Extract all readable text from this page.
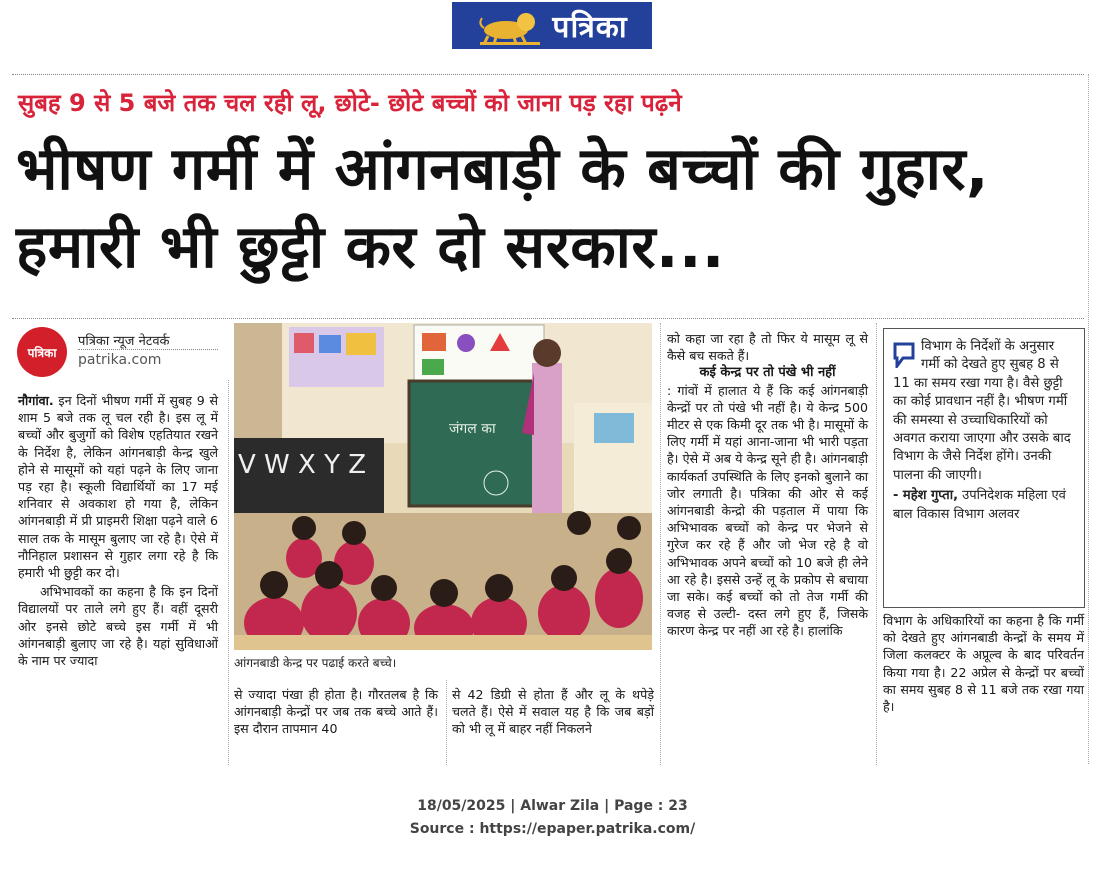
पत्रिका
सुबह 9 से 5 बजे तक चल रही लू, छोटे- छोटे बच्चों को जाना पड़ रहा पढ़ने
भीषण गर्मी में आंगनबाड़ी के बच्चों की गुहार, हमारी भी छुट्टी कर दो सरकार...
पत्रिका
पत्रिका न्यूज नेटवर्क
patrika.com

नौगांवा. इन दिनों भीषण गर्मी में सुबह 9 से शाम 5 बजे तक लू चल रही है। इस लू में बच्चों और बुजुर्गो को विशेष एहतियात रखने के निर्देश है, लेकिन आंगनबाड़ी केन्द्र खुले होने से मासूमों को यहां पढ़ने के लिए जाना पड़ रहा है। स्कूली विद्यार्थियों का 17 मई शनिवार से अवकाश हो गया है, लेकिन आंगनबाड़ी में प्री प्राइमरी शिक्षा पढ़ने वाले 6 साल तक के मासूम बुलाए जा रहे है। ऐसे में नौनिहाल प्रशासन से गुहार लगा रहे है कि हमारी भी छुट्टी कर दो।

अभिभावकों का कहना है कि इन दिनों विद्यालयों पर ताले लगे हुए हैं। वहीं दूसरी ओर इनसे छोटे बच्चे इस गर्मी में भी आंगनबाड़ी बुलाए जा रहे है। यहां सुविधाओं के नाम पर ज्यादा

जंगल का
V W X Y Z
आंगनबाडी केन्द्र पर पढाई करते बच्चे।
से ज्यादा पंखा ही होता है। गौरतलब है कि आंगनबाड़ी केन्द्रों पर जब तक बच्चे आते हैं। इस दौरान तापमान 40
से 42 डिग्री से होता हैं और लू के थपेड़े चलते हैं। ऐसे में सवाल यह है कि जब बड़ों को भी लू में बाहर नहीं निकलने

को कहा जा रहा है तो फिर ये मासूम लू से कैसे बच सकते हैं।

कई केन्द्र पर तो पंखे भी नहीं

: गांवों में हालात ये हैं कि कई आंगनबाड़ी केन्द्रों पर तो पंखे भी नहीं है। ये केन्द्र 500 मीटर से एक किमी दूर तक भी है। मासूमों के लिए गर्मी में यहां आना-जाना भी भारी पड़ता है। ऐसे में अब ये केन्द्र सूने ही है। आंगनबाड़ी कार्यकर्ता उपस्थिति के लिए इनको बुलाने का जोर लगाती है। पत्रिका की ओर से कई आंगनबाडी केन्द्रो की पड़ताल में पाया कि अभिभावक बच्चों को केन्द्र पर भेजने से गुरेज कर रहे हैं और जो भेज रहे है वो अभिभावक अपने बच्चों को 10 बजे ही लेने आ रहे है। इससे उन्हें लू के प्रकोप से बचाया जा सके। कई बच्चों को तो तेज गर्मी की वजह से उल्टी- दस्त लगे हुए हैं, जिसके कारण केन्द्र पर नहीं आ रहे है। हालांकि

विभाग के निर्देशों के अनुसार गर्मी को देखते हुए सुबह 8 से 11 का समय रखा गया है। वैसे छुट्टी का कोई प्रावधान नहीं है। भीषण गर्मी की समस्या से उच्चाधिकारियों को अवगत कराया जाएगा और उसके बाद विभाग के जैसे निर्देश होंगे। उनकी पालना की जाएगी।
- महेश गुप्ता, उपनिदेशक महिला एवं बाल विकास विभाग अलवर
विभाग के अधिकारियों का कहना है कि गर्मी को देखते हुए आंगनबाडी केन्द्रों के समय में जिला कलक्टर के अप्रूल्व के बाद परिवर्तन किया गया है। 22 अप्रेल से केन्द्रों पर बच्चों का समय सुबह 8 से 11 बजे तक रखा गया है।
18/05/2025 | Alwar Zila | Page : 23
Source : https://epaper.patrika.com/
